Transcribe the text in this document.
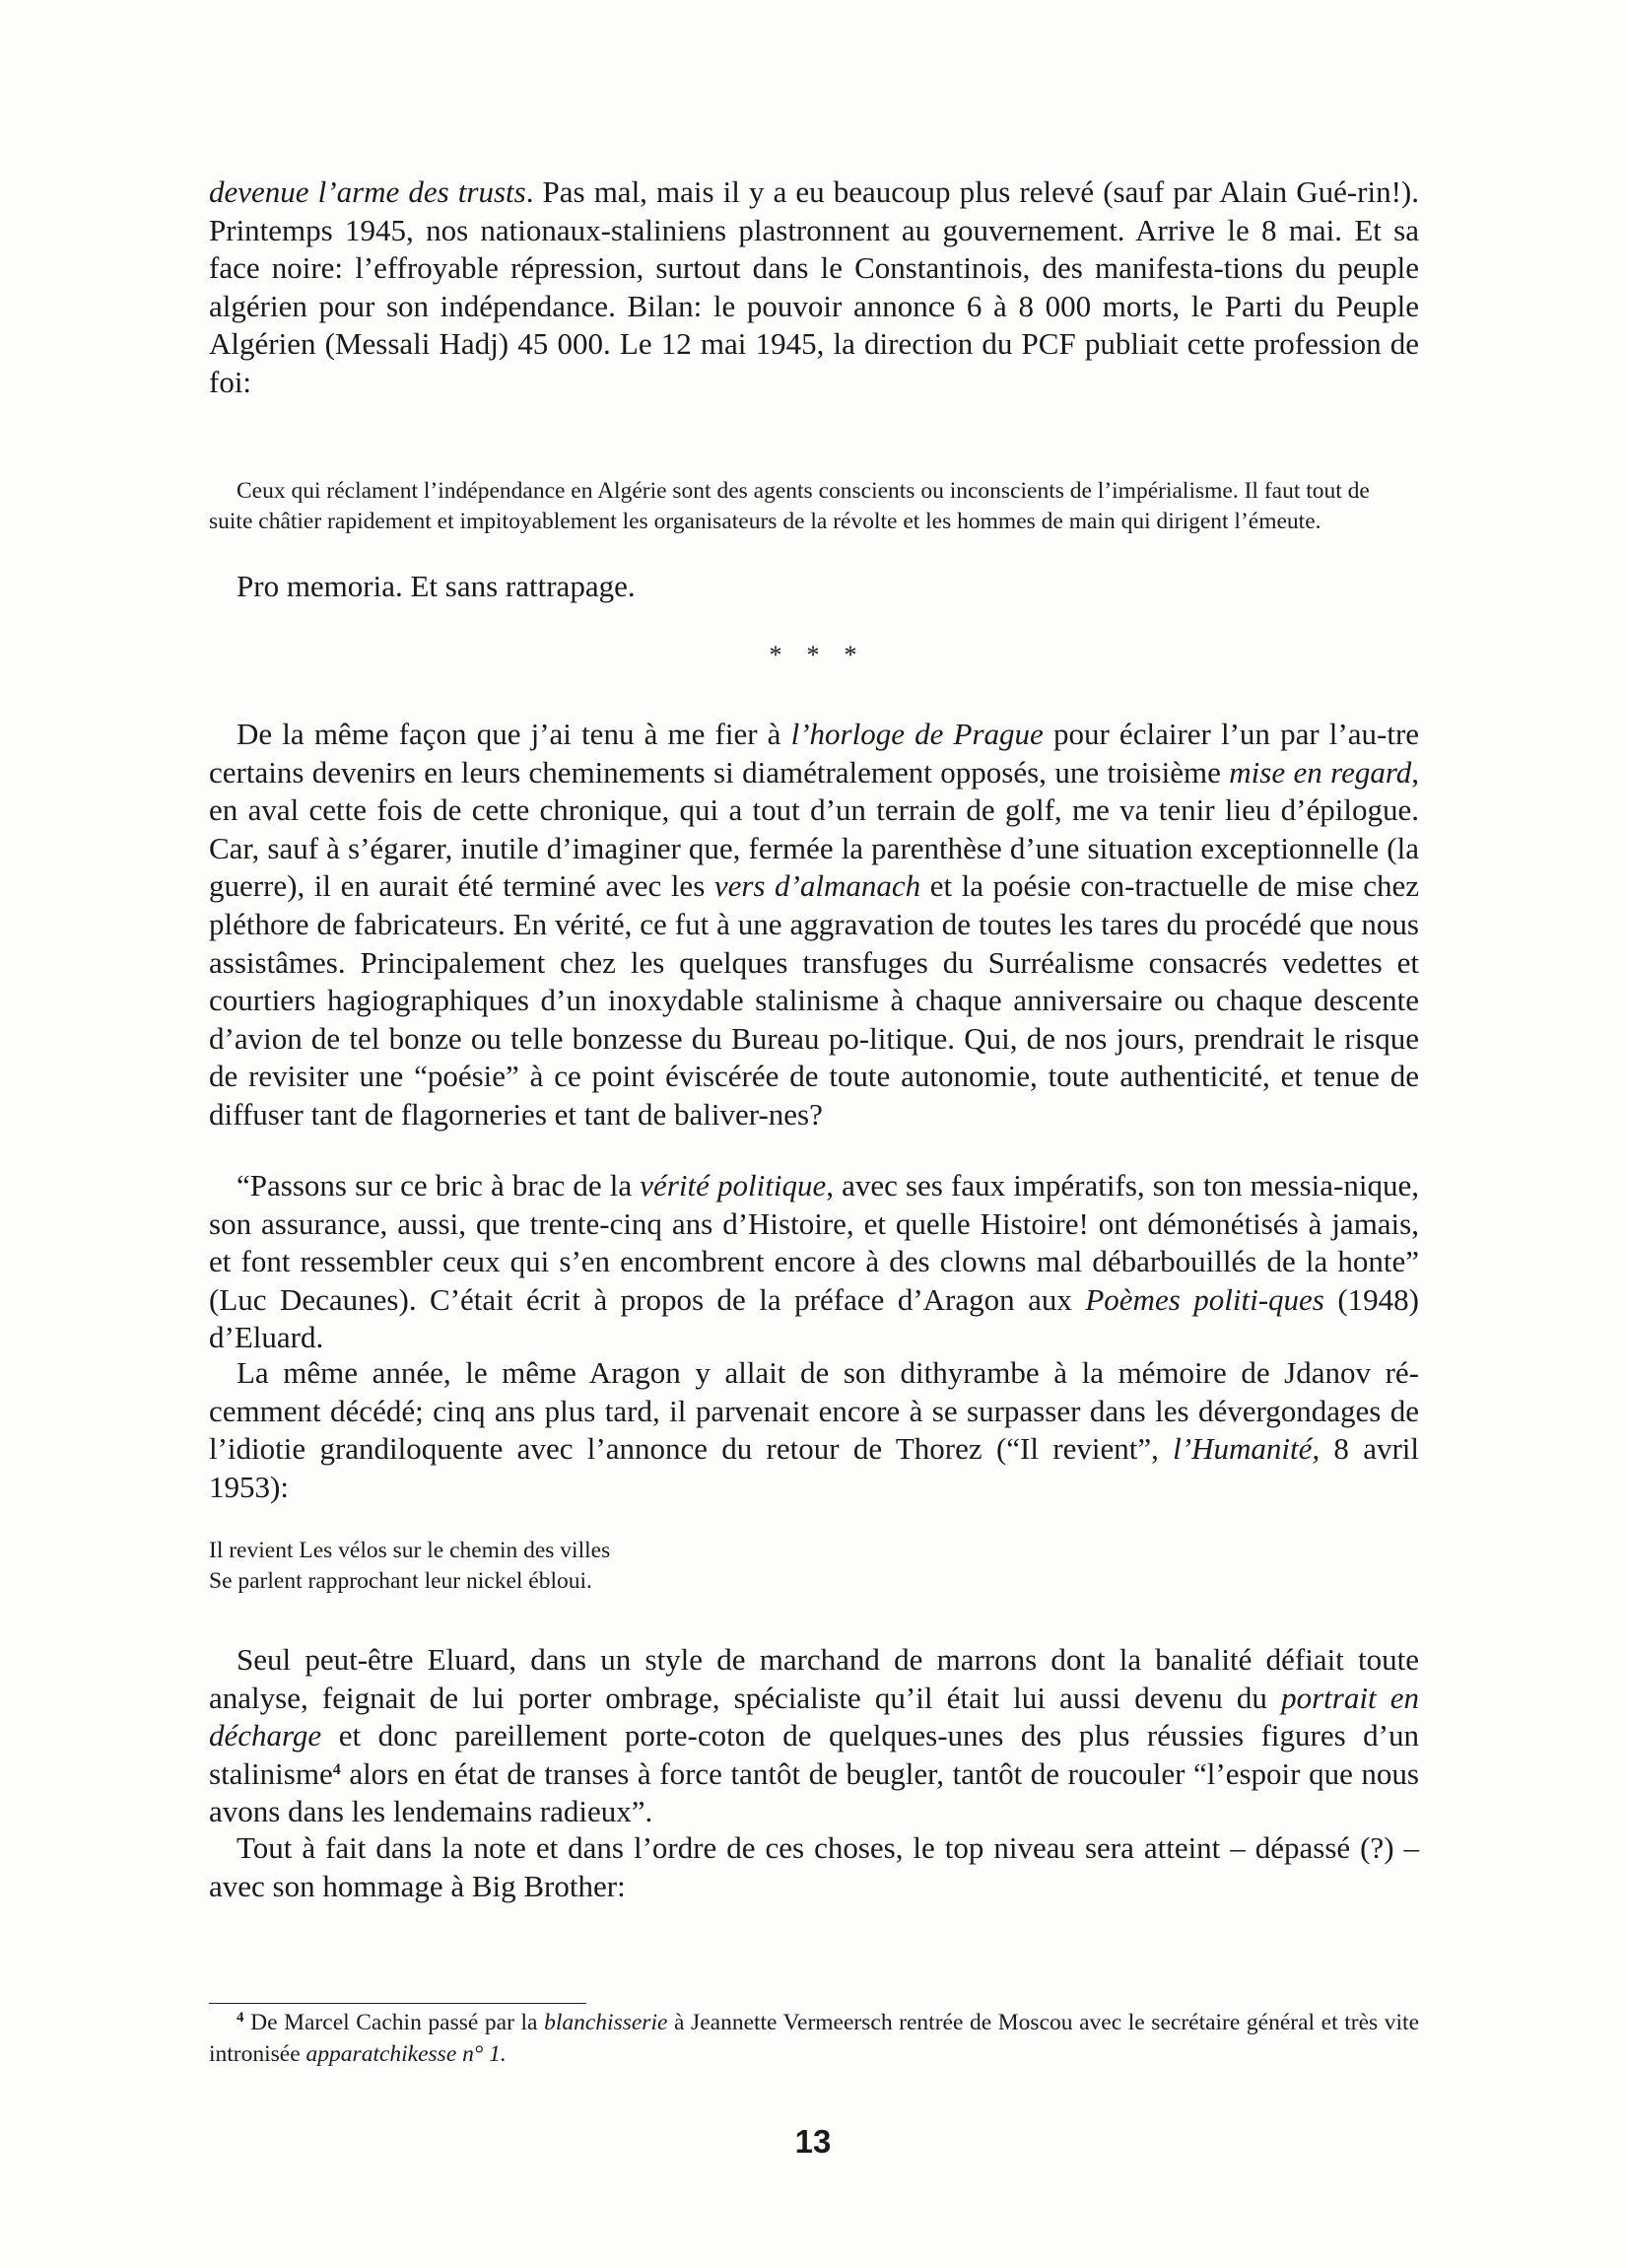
devenue l’arme des trusts. Pas mal, mais il y a eu beaucoup plus relevé (sauf par Alain Gué-rin!). Printemps 1945, nos nationaux-staliniens plastronnent au gouvernement. Arrive le 8 mai. Et sa face noire: l’effroyable répression, surtout dans le Constantinois, des manifesta-tions du peuple algérien pour son indépendance. Bilan: le pouvoir annonce 6 à 8 000 morts, le Parti du Peuple Algérien (Messali Hadj) 45 000. Le 12 mai 1945, la direction du PCF publiait cette profession de foi:

Ceux qui réclament l’indépendance en Algérie sont des agents conscients ou inconscients de l’impérialisme. Il faut tout de suite châtier rapidement et impitoyablement les organisateurs de la révolte et les hommes de main qui dirigent l’émeute.

Pro memoria. Et sans rattrapage.

* * *

De la même façon que j’ai tenu à me fier à l’horloge de Prague pour éclairer l’un par l’au-tre certains devenirs en leurs cheminements si diamétralement opposés, une troisième mise en regard, en aval cette fois de cette chronique, qui a tout d’un terrain de golf, me va tenir lieu d’épilogue. Car, sauf à s’égarer, inutile d’imaginer que, fermée la parenthèse d’une situation exceptionnelle (la guerre), il en aurait été terminé avec les vers d’almanach et la poésie con-tractuelle de mise chez pléthore de fabricateurs. En vérité, ce fut à une aggravation de toutes les tares du procédé que nous assistâmes. Principalement chez les quelques transfuges du Surréalisme consacrés vedettes et courtiers hagiographiques d’un inoxydable stalinisme à chaque anniversaire ou chaque descente d’avion de tel bonze ou telle bonzesse du Bureau po-litique. Qui, de nos jours, prendrait le risque de revisiter une “poésie” à ce point éviscérée de toute autonomie, toute authenticité, et tenue de diffuser tant de flagorneries et tant de baliver-nes?

“Passons sur ce bric à brac de la vérité politique, avec ses faux impératifs, son ton messia-nique, son assurance, aussi, que trente-cinq ans d’Histoire, et quelle Histoire! ont démonétisés à jamais, et font ressembler ceux qui s’en encombrent encore à des clowns mal débarbouillés de la honte” (Luc Decaunes). C’était écrit à propos de la préface d’Aragon aux Poèmes politi-ques (1948) d’Eluard.

La même année, le même Aragon y allait de son dithyrambe à la mémoire de Jdanov ré-cemment décédé; cinq ans plus tard, il parvenait encore à se surpasser dans les dévergondages de l’idiotie grandiloquente avec l’annonce du retour de Thorez (“Il revient”, l’Humanité, 8 avril 1953):

Il revient Les vélos sur le chemin des villes
Se parlent rapprochant leur nickel ébloui.

Seul peut-être Eluard, dans un style de marchand de marrons dont la banalité défiait toute analyse, feignait de lui porter ombrage, spécialiste qu’il était lui aussi devenu du portrait en décharge et donc pareillement porte-coton de quelques-unes des plus réussies figures d’un stalinisme$^4$ alors en état de transes à force tantôt de beugler, tantôt de roucouler “l’espoir que nous avons dans les lendemains radieux”.

Tout à fait dans la note et dans l’ordre de ces choses, le top niveau sera atteint – dépassé (?) – avec son hommage à Big Brother:

$^4$ De Marcel Cachin passé par la blanchisserie à Jeannette Vermeersch rentrée de Moscou avec le secrétaire général et très vite intronisée apparatchikesse n° 1.

13
